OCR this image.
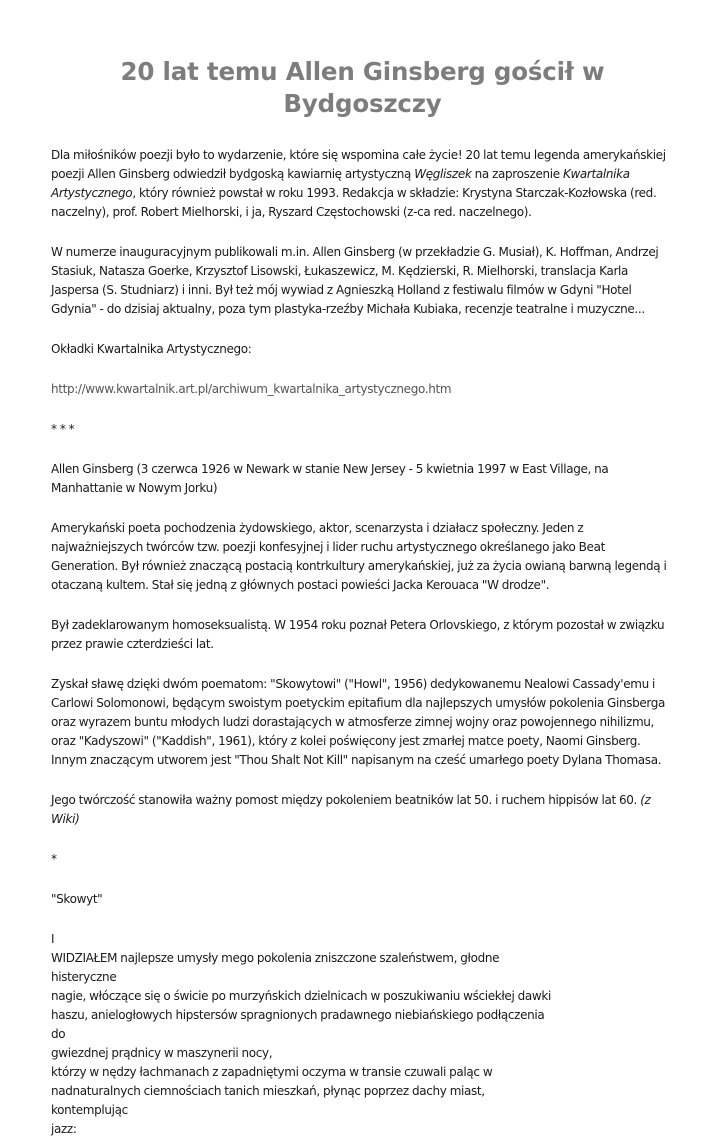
20 lat temu Allen Ginsberg gościł w Bydgoszczy
Dla miłośników poezji było to wydarzenie, które się wspomina całe życie! 20 lat temu legenda amerykańskiej poezji Allen Ginsberg odwiedził bydgoską kawiarnię artystyczną Węgliszek na zaproszenie Kwartalnika Artystycznego, który również powstał w roku 1993. Redakcja w składzie: Krystyna Starczak-Kozłowska (red. naczelny), prof. Robert Mielhorski, i ja, Ryszard Częstochowski (z-ca red. naczelnego).
W numerze inauguracyjnym publikowali m.in. Allen Ginsberg (w przekładzie G. Musiał), K. Hoffman, Andrzej Stasiuk, Natasza Goerke, Krzysztof Lisowski, Łukaszewicz, M. Kędzierski, R. Mielhorski, translacja Karla Jaspersa (S. Studniarz) i inni. Był też mój wywiad z Agnieszką Holland z festiwalu filmów w Gdyni "Hotel Gdynia" - do dzisiaj aktualny, poza tym plastyka-rzeźby Michała Kubiaka, recenzje teatralne i muzyczne...
Okładki Kwartalnika Artystycznego:
http://www.kwartalnik.art.pl/archiwum_kwartalnika_artystycznego.htm
* * *
Allen Ginsberg (3 czerwca 1926 w Newark w stanie New Jersey - 5 kwietnia 1997 w East Village, na Manhattanie w Nowym Jorku)
Amerykański poeta pochodzenia żydowskiego, aktor, scenarzysta i działacz społeczny. Jeden z najważniejszych twórców tzw. poezji konfesyjnej i lider ruchu artystycznego określanego jako Beat Generation. Był również znaczącą postacią kontrkultury amerykańskiej, już za życia owianą barwną legendą i otaczaną kultem. Stał się jedną z głównych postaci powieści Jacka Kerouaca "W drodze".
Był zadeklarowanym homoseksualistą. W 1954 roku poznał Petera Orlovskiego, z którym pozostał w związku przez prawie czterdzieści lat.
Zyskał sławę dzięki dwóm poematom: "Skowytowi" ("Howl", 1956) dedykowanemu Nealowi Cassady'emu i Carlowi Solomonowi, będącym swoistym poetyckim epitafium dla najlepszych umysłów pokolenia Ginsberga oraz wyrazem buntu młodych ludzi dorastających w atmosferze zimnej wojny oraz powojennego nihilizmu, oraz "Kadyszowi" ("Kaddish", 1961), który z kolei poświęcony jest zmarłej matce poety, Naomi Ginsberg. Innym znaczącym utworem jest "Thou Shalt Not Kill" napisanym na cześć umarłego poety Dylana Thomasa.
Jego twórczość stanowiła ważny pomost między pokoleniem beatników lat 50. i ruchem hippisów lat 60. (z Wiki)
*
"Skowyt"
I
WIDZIAŁEM najlepsze umysły mego pokolenia zniszczone szaleństwem, głodne histeryczne
nagie, włóczące się o świcie po murzyńskich dzielnicach w poszukiwaniu wściekłej dawki
haszu, anielogłowych hipstersów spragnionych pradawnego niebiańskiego podłączenia do
gwiezdnej prądnicy w maszynerii nocy,
którzy w nędzy łachmanach z zapadniętymi oczyma w transie czuwali paląc w
nadnaturalnych ciemnościach tanich mieszkań, płynąc poprzez dachy miast, kontemplując
jazz:
